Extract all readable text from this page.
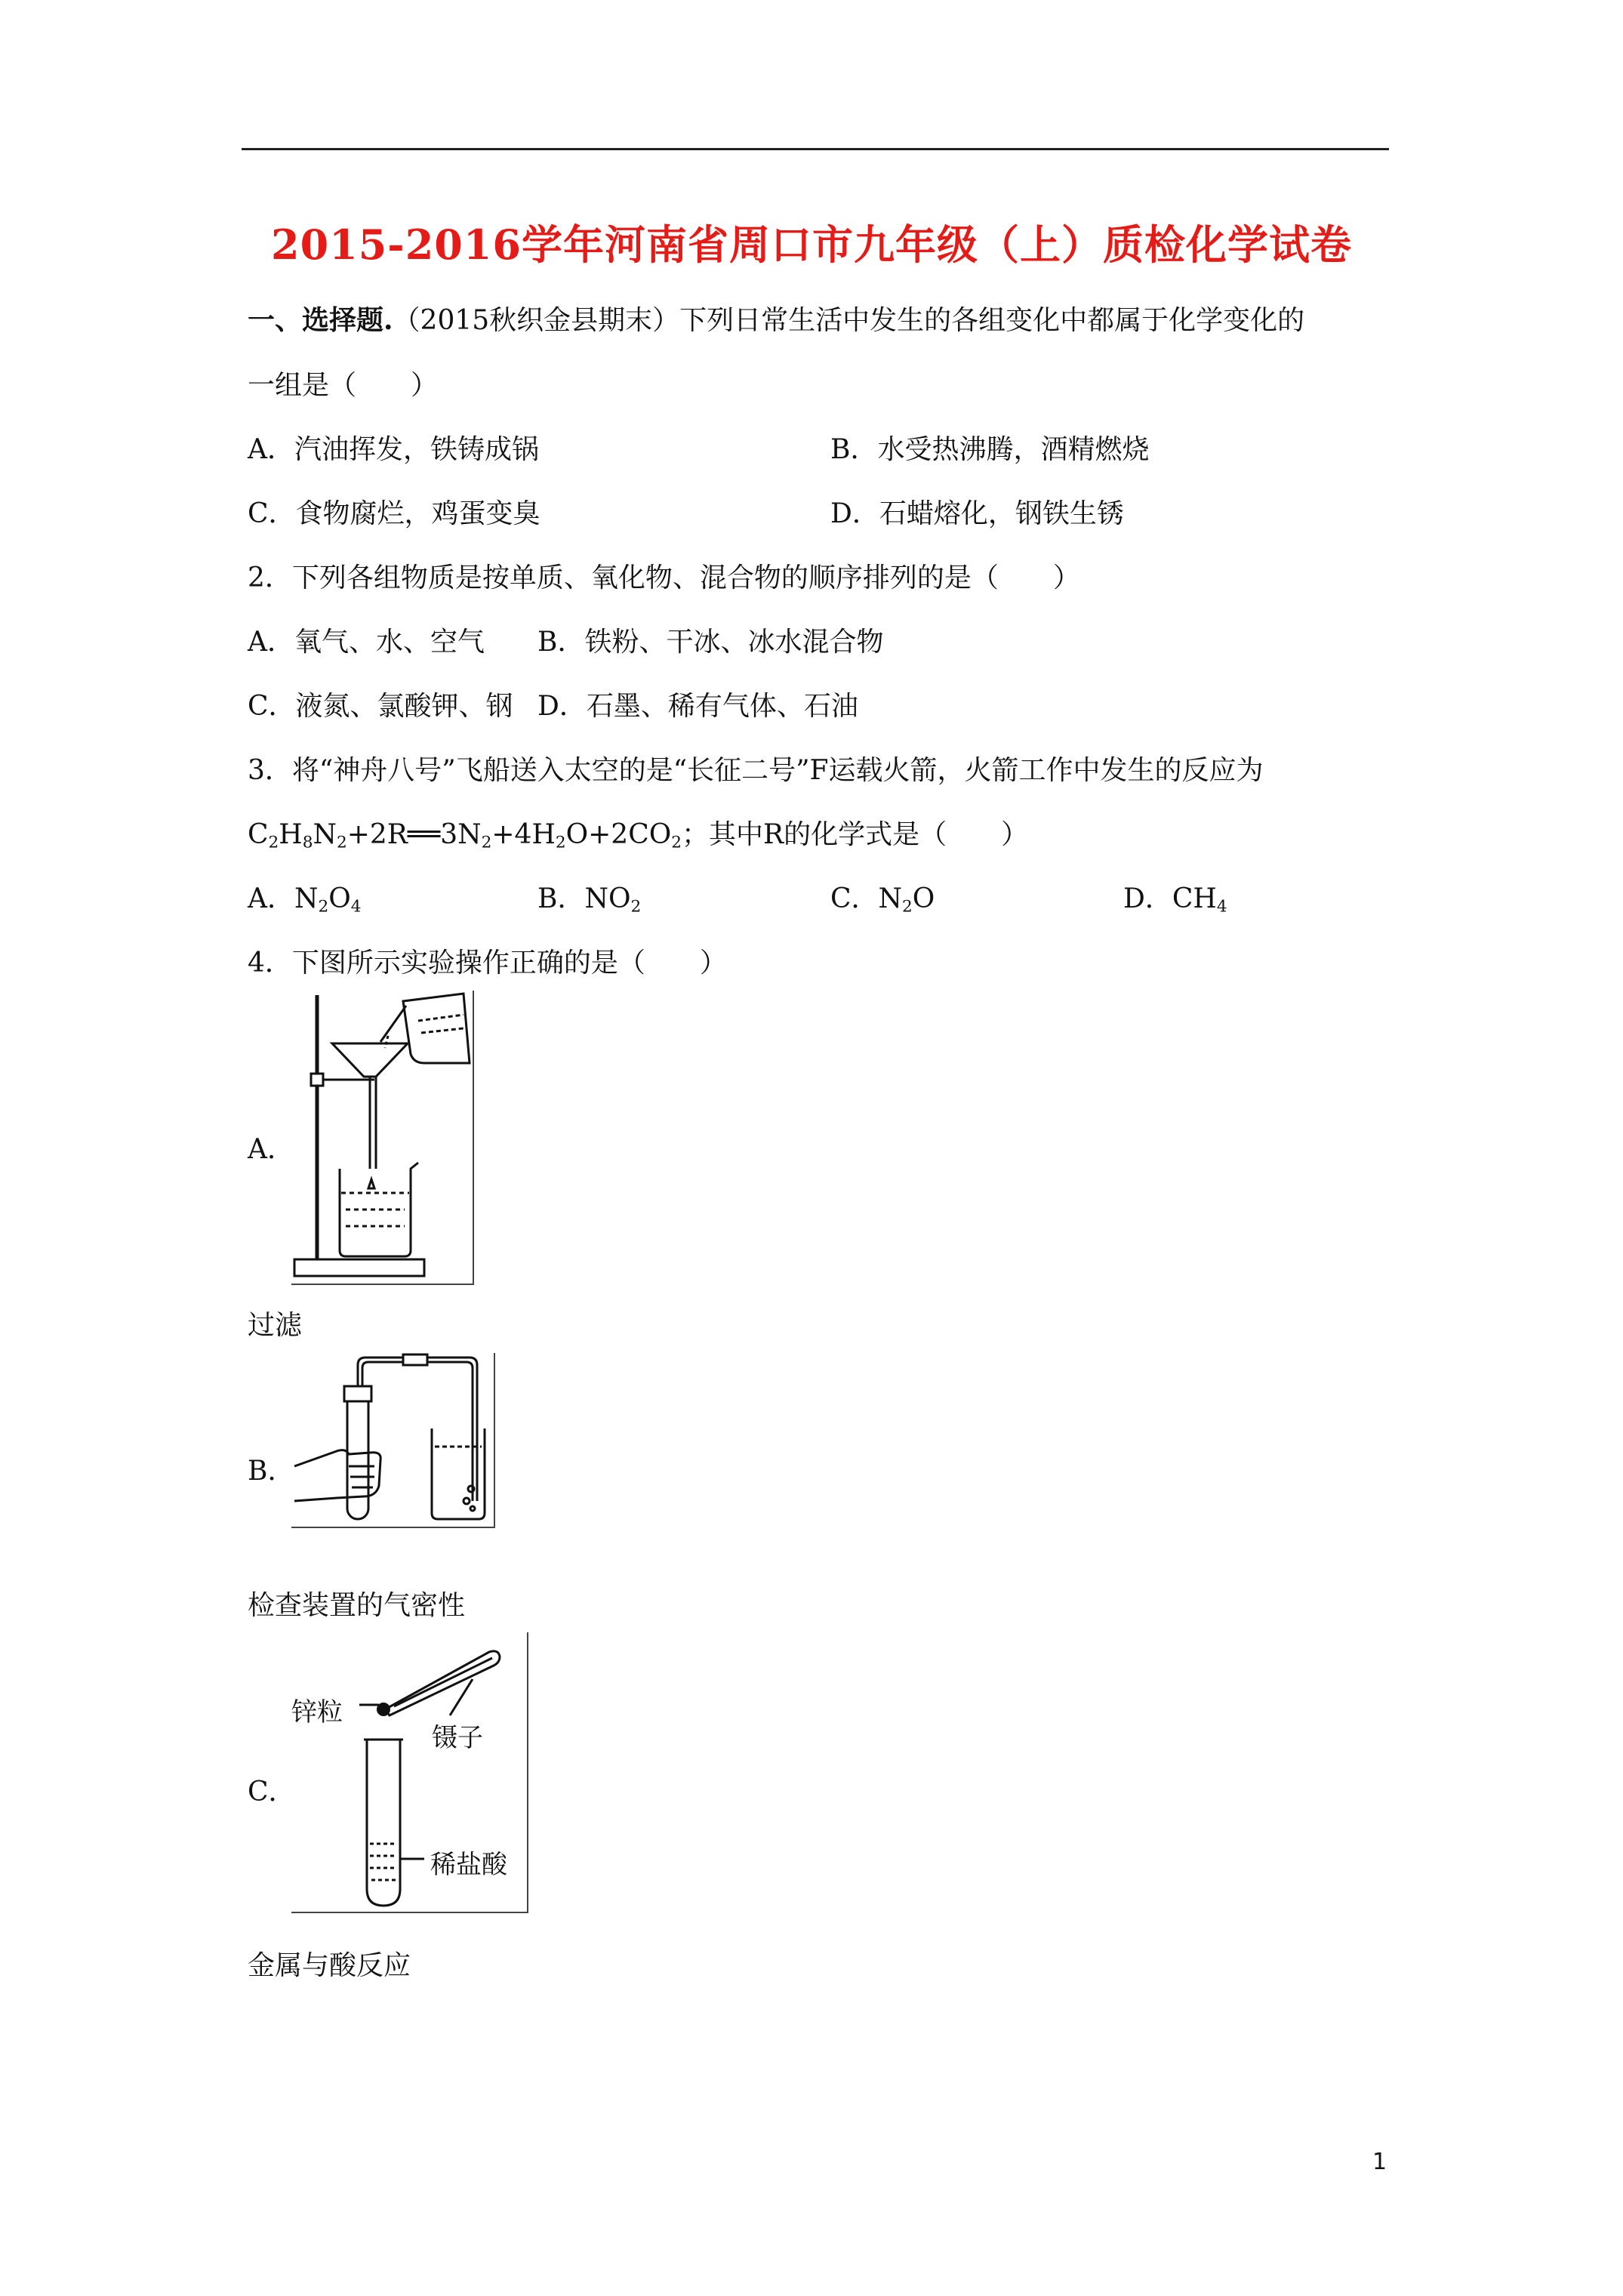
2015-2016学年河南省周口市九年级（上）质检化学试卷
一、选择题.（2015秋织金县期末）下列日常生活中发生的各组变化中都属于化学变化的
一组是（　　）
A．汽油挥发，铁铸成锅	B．水受热沸腾，酒精燃烧
C．食物腐烂，鸡蛋变臭	D．石蜡熔化，钢铁生锈
2．下列各组物质是按单质、氧化物、混合物的顺序排列的是（　　）
A．氧气、水、空气 B．铁粉、干冰、冰水混合物
C．液氮、氯酸钾、钢 D．石墨、稀有气体、石油
3．将“神舟八号”飞船送入太空的是“长征二号”F运载火箭，火箭工作中发生的反应为
$C_2H_8N_2+2R══3N_2+4H_2O+2CO_2$；其中R的化学式是（　　）
A．$N_2O_4$	B．$NO_2$	C．$N_2O$	D．$CH_4$
4．下图所示实验操作正确的是（　　）
A．
过滤
B．
检查装置的气密性
C．
锌粒
镊子
稀盐酸
金属与酸反应
1
